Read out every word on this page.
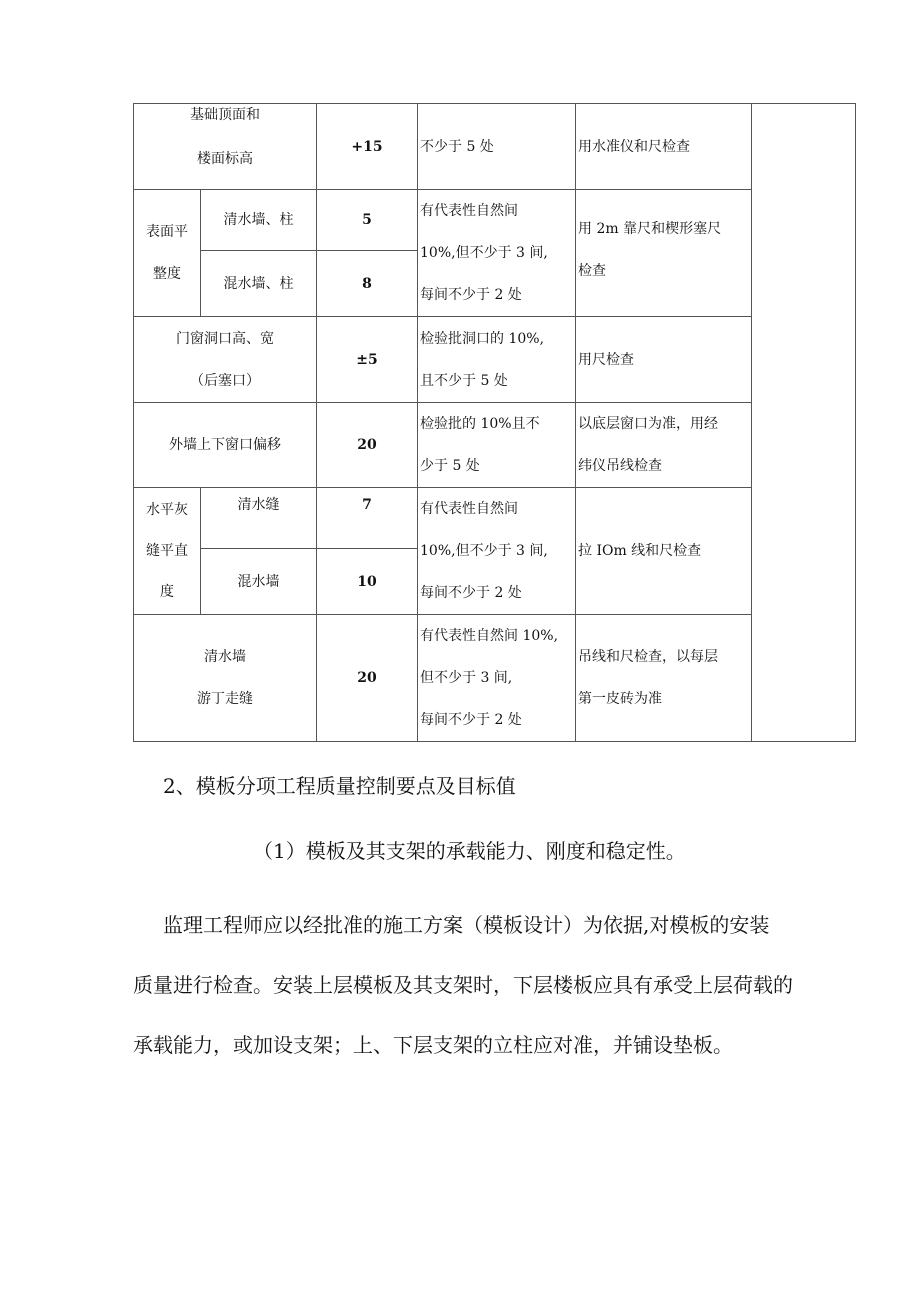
基础顶面和
楼面标高		+15	不少于 5 处	用水准仪和尺检查	

表面平
整度	清水墙、柱	5	有代表性自然间
10%,但不少于 3 间,
每间不少于 2 处	用 2m 靠尺和楔形塞尺
检查	

	混水墙、柱	8			

门窗洞口高、宽
（后塞口）		±5	检验批洞口的 10%,
且不少于 5 处	用尺检查	
外墙上下窗口偏移		20	检验批的 10%且不
少于 5 处	以底层窗口为准，用经
纬仪吊线检查	

水平灰
缝平直
度	清水缝	7	有代表性自然间
10%,但不少于 3 间,
每间不少于 2 处	拉 IOm 线和尺检查	
	混水墙	10			

清水墙
游丁走缝		20	有代表性自然间 10%,
但不少于 3 间,
每间不少于 2 处	吊线和尺检查，以每层
第一皮砖为准	
2、模板分项工程质量控制要点及目标值
（1）模板及其支架的承载能力、刚度和稳定性。
监理工程师应以经批准的施工方案（模板设计）为依据,对模板的安装
质量进行检查。安装上层模板及其支架时，下层楼板应具有承受上层荷载的
承载能力，或加设支架；上、下层支架的立柱应对准，并铺设垫板。
